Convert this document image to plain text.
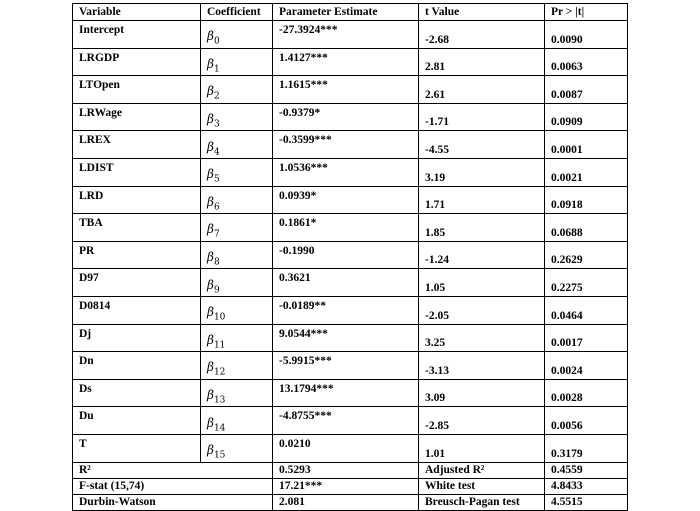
Variable	Coefficient	Parameter Estimate	t Value	Pr > |t|
Intercept	$\beta_0$	-27.3924***	-2.68	0.0090
LRGDP	$\beta_1$	1.4127***	2.81	0.0063
LTOpen	$\beta_2$	1.1615***	2.61	0.0087
LRWage	$\beta_3$	-0.9379*	-1.71	0.0909
LREX	$\beta_4$	-0.3599***	-4.55	0.0001
LDIST	$\beta_5$	1.0536***	3.19	0.0021
LRD	$\beta_6$	0.0939*	1.71	0.0918
TBA	$\beta_7$	0.1861*	1.85	0.0688
PR	$\beta_8$	-0.1990	-1.24	0.2629
D97	$\beta_9$	0.3621	1.05	0.2275
D0814	$\beta_{10}$	-0.0189**	-2.05	0.0464
Dj	$\beta_{11}$	9.0544***	3.25	0.0017
Dn	$\beta_{12}$	-5.9915***	-3.13	0.0024
Ds	$\beta_{13}$	13.1794***	3.09	0.0028
Du	$\beta_{14}$	-4.8755***	-2.85	0.0056
T	$\beta_{15}$	0.0210	1.01	0.3179
R²		0.5293	Adjusted R²	0.4559
F-stat (15,74)		17.21***	White test	4.8433
Durbin-Watson		2.081	Breusch-Pagan test	4.5515
